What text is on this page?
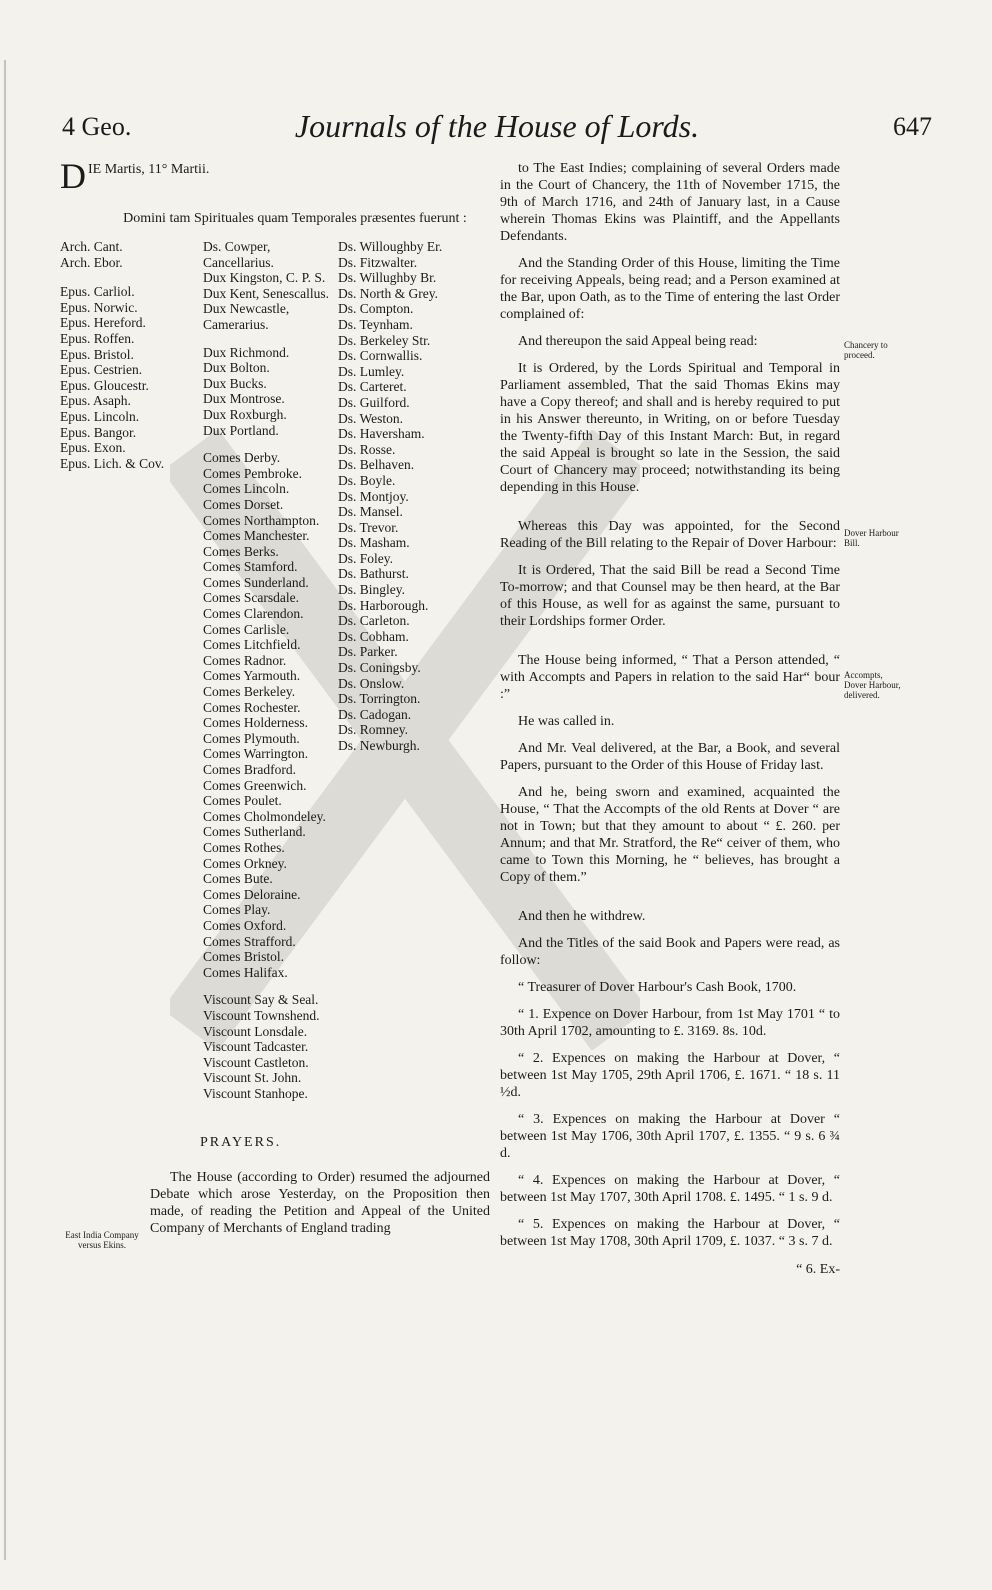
4 Geo.	Journals of the House of Lords.	647
D IE Martis, 11° Martii.
Domini tam Spirituales quam Temporales præsentes fuerunt :
Arch. Cant.
Arch. Ebor.
Epus. Carliol.
Epus. Norwic.
Epus. Hereford.
Epus. Roffen.
Epus. Bristol.
Epus. Cestrien.
Epus. Gloucestr.
Epus. Asaph.
Epus. Lincoln.
Epus. Bangor.
Epus. Exon.
Epus. Lich. & Cov.
Ds. Cowper, Cancellarius.
Dux Kingston, C. P. S.
Dux Kent, Senescallus.
Dux Newcastle, Camerarius.
Dux Richmond.
Dux Bolton.
Dux Bucks.
Dux Montrose.
Dux Roxburgh.
Dux Portland.
Comes Derby.
Comes Pembroke.
Comes Lincoln.
Comes Dorset.
Comes Northampton.
Comes Manchester.
Comes Berks.
Comes Stamford.
Comes Sunderland.
Comes Scarsdale.
Comes Clarendon.
Comes Carlisle.
Comes Litchfield.
Comes Radnor.
Comes Yarmouth.
Comes Berkeley.
Comes Rochester.
Comes Holderness.
Comes Plymouth.
Comes Warrington.
Comes Bradford.
Comes Greenwich.
Comes Poulet.
Comes Cholmondeley.
Comes Sutherland.
Comes Rothes.
Comes Orkney.
Comes Bute.
Comes Deloraine.
Comes Play.
Comes Oxford.
Comes Strafford.
Comes Bristol.
Comes Halifax.
Viscount Say & Seal.
Viscount Townshend.
Viscount Lonsdale.
Viscount Tadcaster.
Viscount Castleton.
Viscount St. John.
Viscount Stanhope.
Ds. Willoughby Er.
Ds. Fitzwalter.
Ds. Willughby Br.
Ds. North & Grey.
Ds. Compton.
Ds. Teynham.
Ds. Berkeley Str.
Ds. Cornwallis.
Ds. Lumley.
Ds. Carteret.
Ds. Guilford.
Ds. Weston.
Ds. Haversham.
Ds. Rosse.
Ds. Belhaven.
Ds. Boyle.
Ds. Montjoy.
Ds. Mansel.
Ds. Trevor.
Ds. Masham.
Ds. Foley.
Ds. Bathurst.
Ds. Bingley.
Ds. Harborough.
Ds. Carleton.
Ds. Cobham.
Ds. Parker.
Ds. Coningsby.
Ds. Onslow.
Ds. Torrington.
Ds. Cadogan.
Ds. Romney.
Ds. Newburgh.
PRAYERS.

The House (according to Order) resumed the adjourned Debate which arose Yesterday, on the Proposition then made, of reading the Petition and Appeal of the United Company of Merchants of England trading

East India Company versus Ekins.

to The East Indies; complaining of several Orders made in the Court of Chancery, the 11th of November 1715, the 9th of March 1716, and 24th of January last, in a Cause wherein Thomas Ekins was Plaintiff, and the Appellants Defendants.

And the Standing Order of this House, limiting the Time for receiving Appeals, being read; and a Person examined at the Bar, upon Oath, as to the Time of entering the last Order complained of:

And thereupon the said Appeal being read:

It is Ordered, by the Lords Spiritual and Temporal in Parliament assembled, That the said Thomas Ekins may have a Copy thereof; and shall and is hereby required to put in his Answer thereunto, in Writing, on or before Tuesday the Twenty-fifth Day of this Instant March: But, in regard the said Appeal is brought so late in the Session, the said Court of Chancery may proceed; notwithstanding its being depending in this House.

Whereas this Day was appointed, for the Second Reading of the Bill relating to the Repair of Dover Harbour:

It is Ordered, That the said Bill be read a Second Time To-morrow; and that Counsel may be then heard, at the Bar of this House, as well for as against the same, pursuant to their Lordships former Order.

The House being informed, “ That a Person attended, “ with Accompts and Papers in relation to the said Har“ bour :”

He was called in.

And Mr. Veal delivered, at the Bar, a Book, and several Papers, pursuant to the Order of this House of Friday last.

And he, being sworn and examined, acquainted the House, “ That the Accompts of the old Rents at Dover “ are not in Town; but that they amount to about “ £. 260. per Annum; and that Mr. Stratford, the Re“ ceiver of them, who came to Town this Morning, he “ believes, has brought a Copy of them.”

And then he withdrew.

And the Titles of the said Book and Papers were read, as follow:

“ Treasurer of Dover Harbour's Cash Book, 1700.

“ 1. Expence on Dover Harbour, from 1st May 1701 “ to 30th April 1702, amounting to £. 3169. 8s. 10d.

“ 2. Expences on making the Harbour at Dover, “ between 1st May 1705, 29th April 1706, £. 1671. “ 18 s. 11 ½d.

“ 3. Expences on making the Harbour at Dover “ between 1st May 1706, 30th April 1707, £. 1355. “ 9 s. 6 ¾ d.

“ 4. Expences on making the Harbour at Dover, “ between 1st May 1707, 30th April 1708. £. 1495. “ 1 s. 9 d.

“ 5. Expences on making the Harbour at Dover, “ between 1st May 1708, 30th April 1709, £. 1037. “ 3 s. 7 d.

“ 6. Ex-
Chancery to proceed.
Dover Harbour Bill.
Accompts, Dover Harbour, delivered.
